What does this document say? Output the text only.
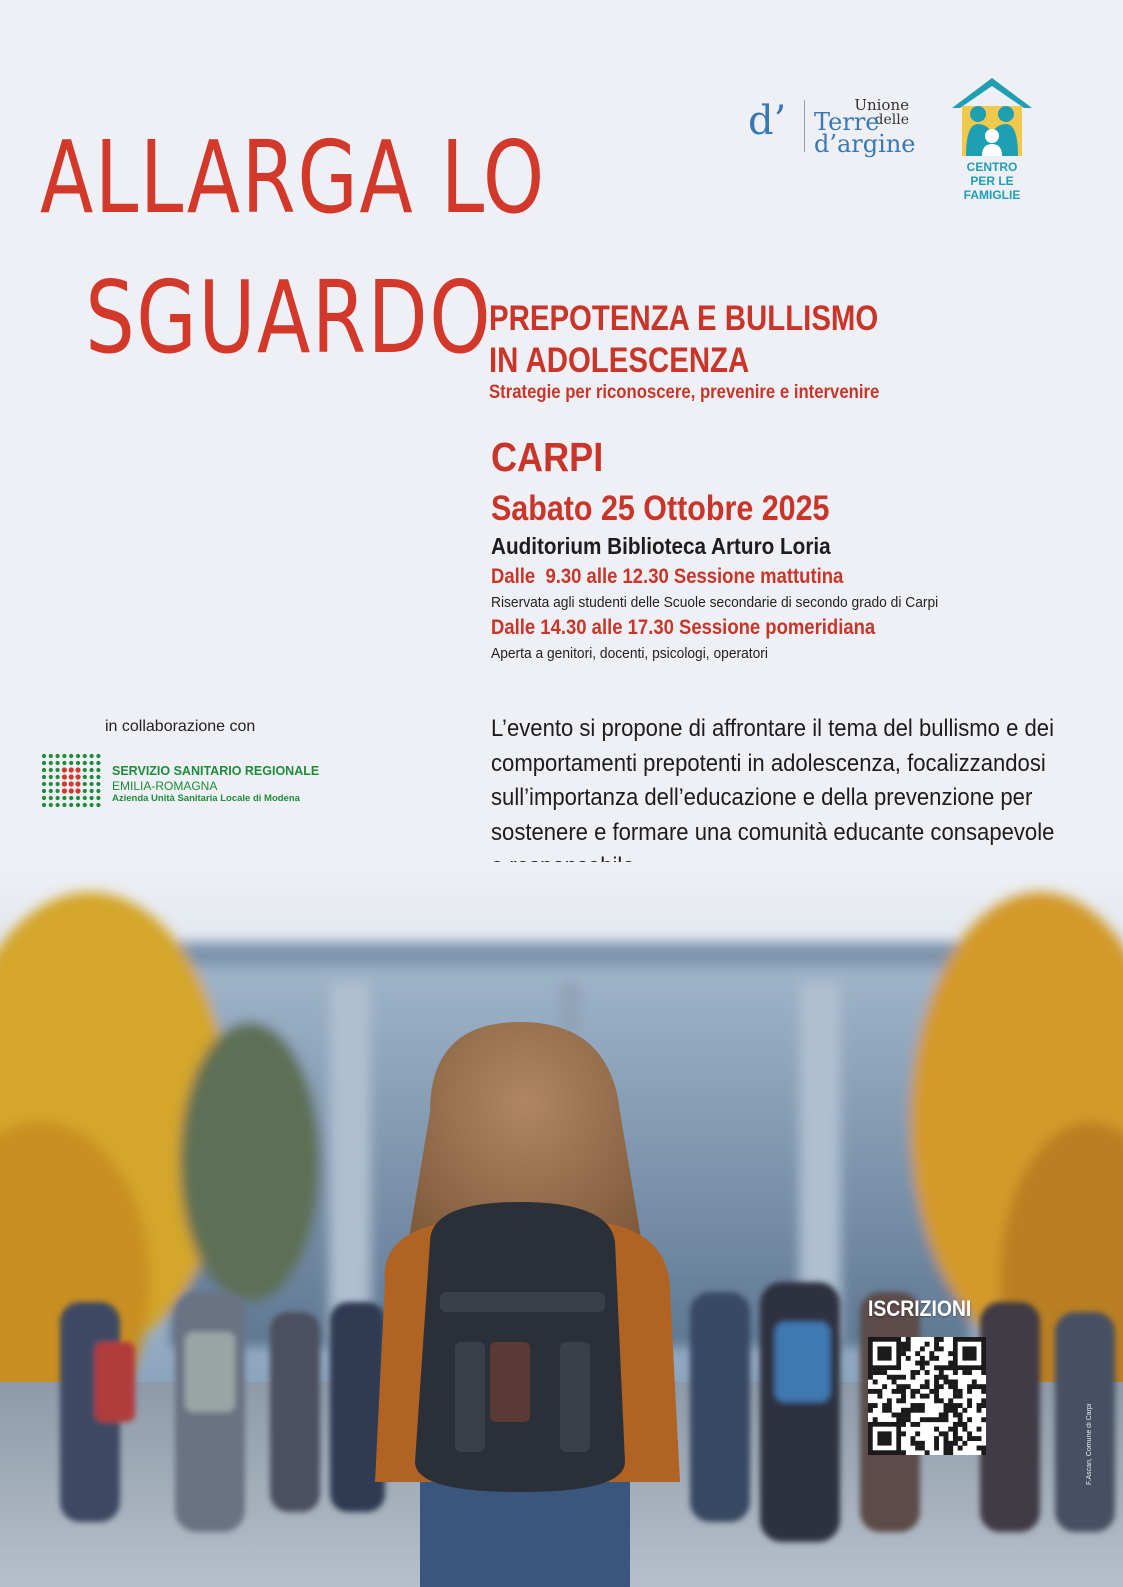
ALLARGA LO
SGUARDO
d’	Unione
delle
Terre
d’argine
CENTRO
PER LE FAMIGLIE
PREPOTENZA E BULLISMO
IN ADOLESCENZA
Strategie per riconoscere, prevenire e intervenire
CARPI
Sabato 25 Ottobre 2025
Auditorium Biblioteca Arturo Loria
Dalle  9.30 alle 12.30 Sessione mattutina
Riservata agli studenti delle Scuole secondarie di secondo grado di Carpi
Dalle 14.30 alle 17.30 Sessione pomeridiana
Aperta a genitori, docenti, psicologi, operatori
in collaborazione con
SERVIZIO SANITARIO REGIONALE
EMILIA-ROMAGNA
Azienda Unità Sanitaria Locale di Modena

L’evento si propone di affrontare il tema del bullismo e dei comportamenti prepotenti in adolescenza, focalizzandosi sull’importanza dell’educazione e della prevenzione per sostenere e formare una comunità educante consapevole

ISCRIZIONI
F.Ascari, Comune di Carpi
